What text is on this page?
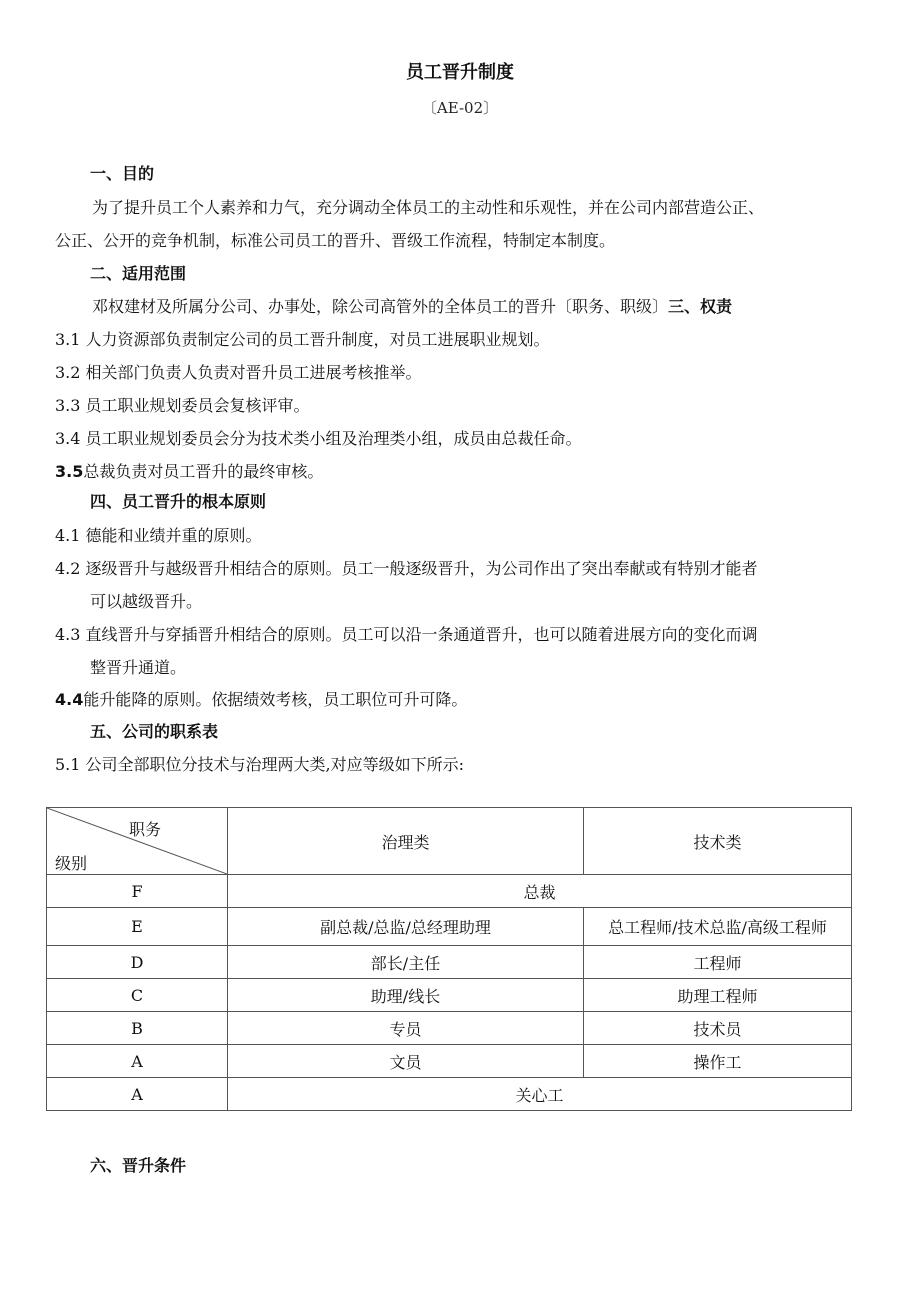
员工晋升制度
〔AE-02〕
一、目的
为了提升员工个人素养和力气，充分调动全体员工的主动性和乐观性，并在公司内部营造公正、
公正、公开的竞争机制，标准公司员工的晋升、晋级工作流程，特制定本制度。
二、适用范围
邓权建材及所属分公司、办事处，除公司高管外的全体员工的晋升〔职务、职级〕三、权责
3.1 人力资源部负责制定公司的员工晋升制度，对员工进展职业规划。
3.2 相关部门负责人负责对晋升员工进展考核推举。
3.3 员工职业规划委员会复核评审。
3.4 员工职业规划委员会分为技术类小组及治理类小组，成员由总裁任命。
3.5总裁负责对员工晋升的最终审核。
四、员工晋升的根本原则
4.1 德能和业绩并重的原则。
4.2 逐级晋升与越级晋升相结合的原则。员工一般逐级晋升，为公司作出了突出奉献或有特别才能者
可以越级晋升。
4.3 直线晋升与穿插晋升相结合的原则。员工可以沿一条通道晋升，也可以随着进展方向的变化而调
整晋升通道。
4.4能升能降的原则。依据绩效考核，员工职位可升可降。
五、公司的职系表
5.1 公司全部职位分技术与治理两大类,对应等级如下所示:
职务
级别	治理类	技术类
F	总裁	
E	副总裁/总监/总经理助理	总工程师/技术总监/高级工程师
D	部长/主任	工程师
C	助理/线长	助理工程师
B	专员	技术员
A	文员	操作工
A	关心工	
六、晋升条件
